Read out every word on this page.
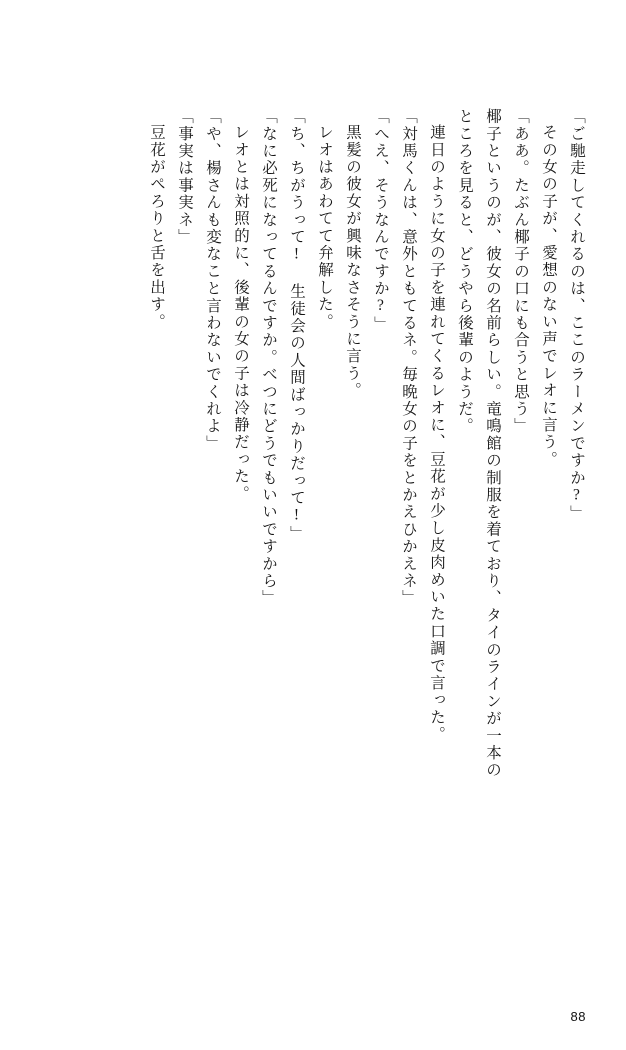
「ご馳走してくれるのは、ここのラーメンですか?」
その女の子が、愛想のない声でレオに言う。
「ああ。たぶん椰子の口にも合うと思う」
椰子というのが、彼女の名前らしい。竜鳴館の制服を着ており、タイのラインが一本の
ところを見ると、どうやら後輩のようだ。
連日のように女の子を連れてくるレオに、豆花が少し皮肉めいた口調で言った。
「対馬くんは、意外ともてるネ。毎晩女の子をとかえひかえネ」
「へえ、そうなんですか?」
黒髪の彼女が興味なさそうに言う。
レオはあわてて弁解した。
「ち、ちがうって! 生徒会の人間ばっかりだって!」
「なに必死になってるんですか。べつにどうでもいいですから」
レオとは対照的に、後輩の女の子は冷静だった。
「や、楊さんも変なこと言わないでくれよ」
「事実は事実ネ」
豆花がぺろりと舌を出す。
88
